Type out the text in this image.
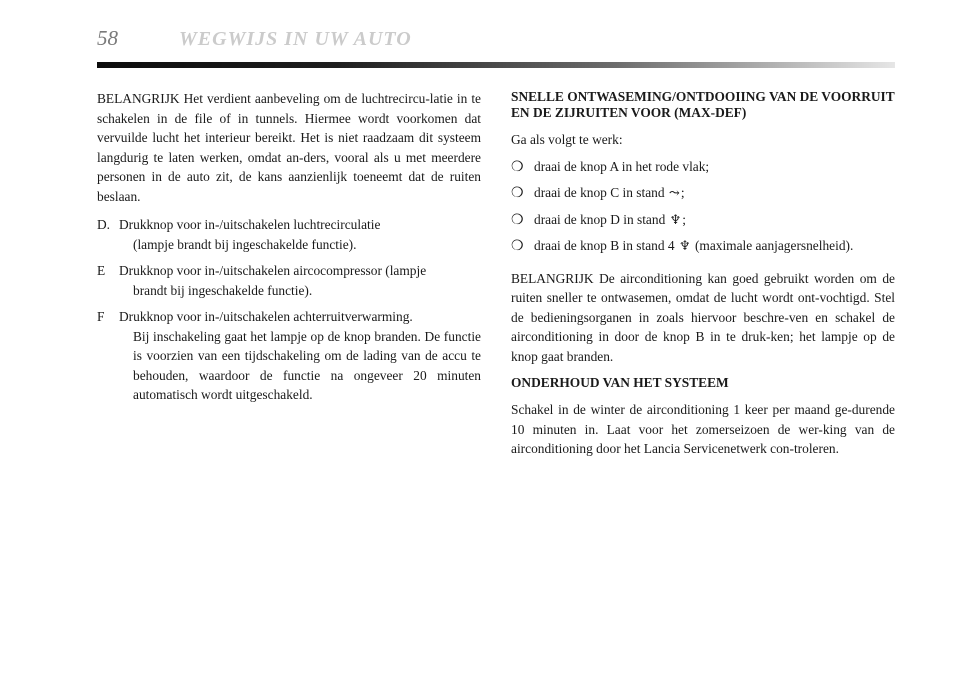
58	WEGWIJS IN UW AUTO

BELANGRIJK Het verdient aanbeveling om de luchtrecircu-latie in te schakelen in de file of in tunnels. Hiermee wordt voorkomen dat vervuilde lucht het interieur bereikt. Het is niet raadzaam dit systeem langdurig te laten werken, omdat an-ders, vooral als u met meerdere personen in de auto zit, de kans aanzienlijk toeneemt dat de ruiten beslaan.

D. Drukknop voor in-/uitschakelen luchtrecirculatie
(lampje brandt bij ingeschakelde functie).
E	Drukknop voor in-/uitschakelen aircocompressor (lampje
brandt bij ingeschakelde functie).
F	Drukknop voor in-/uitschakelen achterruitverwarming.
Bij inschakeling gaat het lampje op de knop branden. De functie is voorzien van een tijdschakeling om de lading van de accu te behouden, waardoor de functie na ongeveer 20 minuten automatisch wordt uitgeschakeld.

SNELLE ONTWASEMING/ONTDOOIING VAN DE VOORRUIT EN DE ZIJRUITEN VOOR (MAX-DEF)

Ga als volgt te werk:

❍ draai de knop A in het rode vlak;
❍ draai de knop C in stand ⤳;
❍ draai de knop D in stand ♆;
❍ draai de knop B in stand 4 ♆ (maximale aanjagersnelheid).

BELANGRIJK De airconditioning kan goed gebruikt worden om de ruiten sneller te ontwasemen, omdat de lucht wordt ont-vochtigd. Stel de bedieningsorganen in zoals hiervoor beschre-ven en schakel de airconditioning in door de knop B in te druk-ken; het lampje op de knop gaat branden.

ONDERHOUD VAN HET SYSTEEM

Schakel in de winter de airconditioning 1 keer per maand ge-durende 10 minuten in. Laat voor het zomerseizoen de wer-king van de airconditioning door het Lancia Servicenetwerk con-troleren.
